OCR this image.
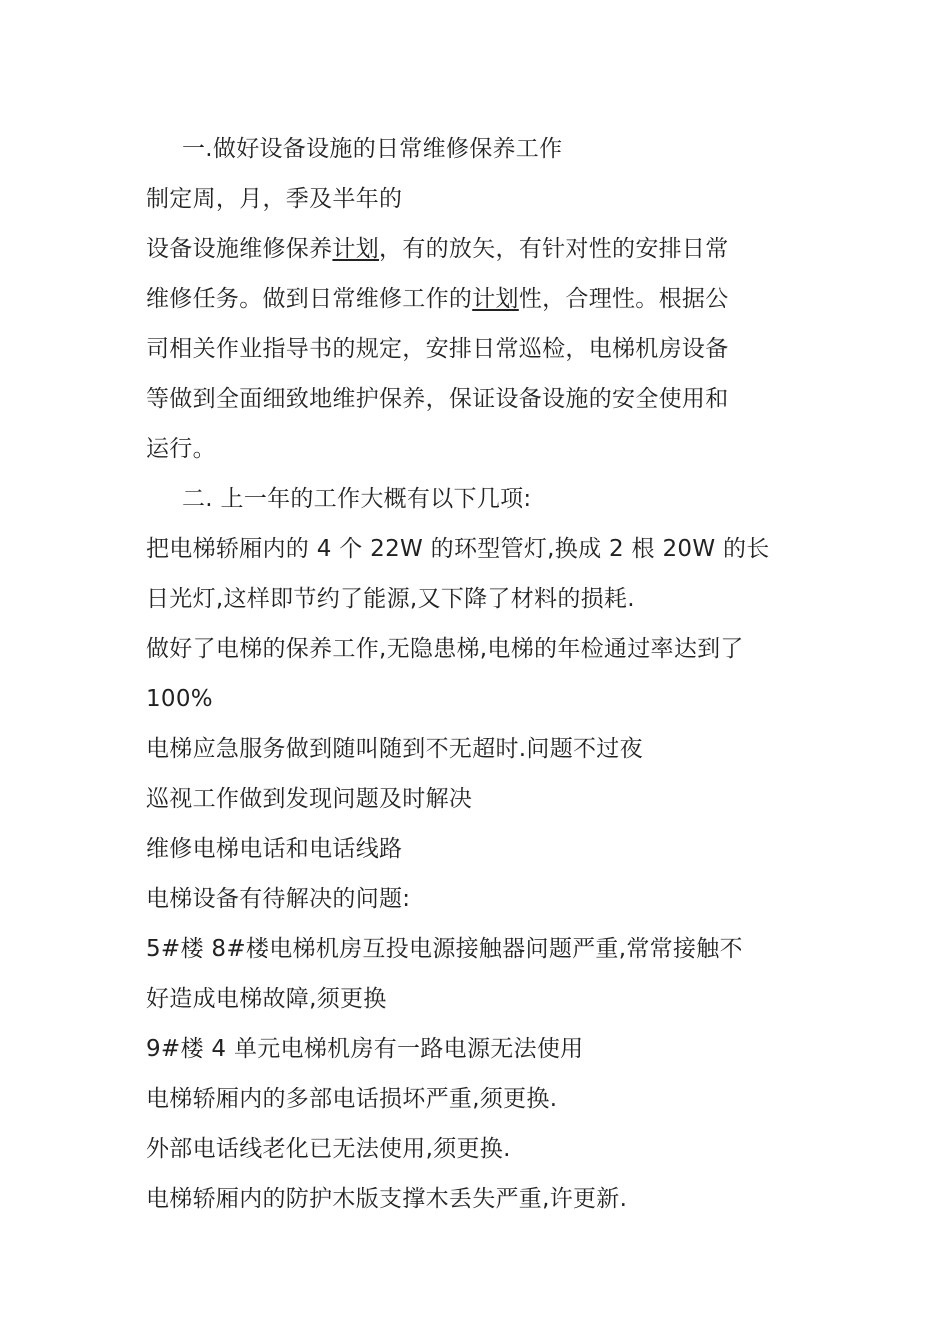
一.做好设备设施的日常维修保养工作
制定周，月，季及半年的
设备设施维修保养计划，有的放矢，有针对性的安排日常
维修任务。做到日常维修工作的计划性，合理性。根据公
司相关作业指导书的规定，安排日常巡检，电梯机房设备
等做到全面细致地维护保养，保证设备设施的安全使用和
运行。
二. 上一年的工作大概有以下几项:
把电梯轿厢内的 4 个 22W 的环型管灯,换成 2 根 20W 的长
日光灯,这样即节约了能源,又下降了材料的损耗.
做好了电梯的保养工作,无隐患梯,电梯的年检通过率达到了
100%
电梯应急服务做到随叫随到不无超时.问题不过夜
巡视工作做到发现问题及时解决
维修电梯电话和电话线路
电梯设备有待解决的问题:
5#楼 8#楼电梯机房互投电源接触器问题严重,常常接触不
好造成电梯故障,须更换
9#楼 4 单元电梯机房有一路电源无法使用
电梯轿厢内的多部电话损坏严重,须更换.
外部电话线老化已无法使用,须更换.
电梯轿厢内的防护木版支撑木丢失严重,许更新.
